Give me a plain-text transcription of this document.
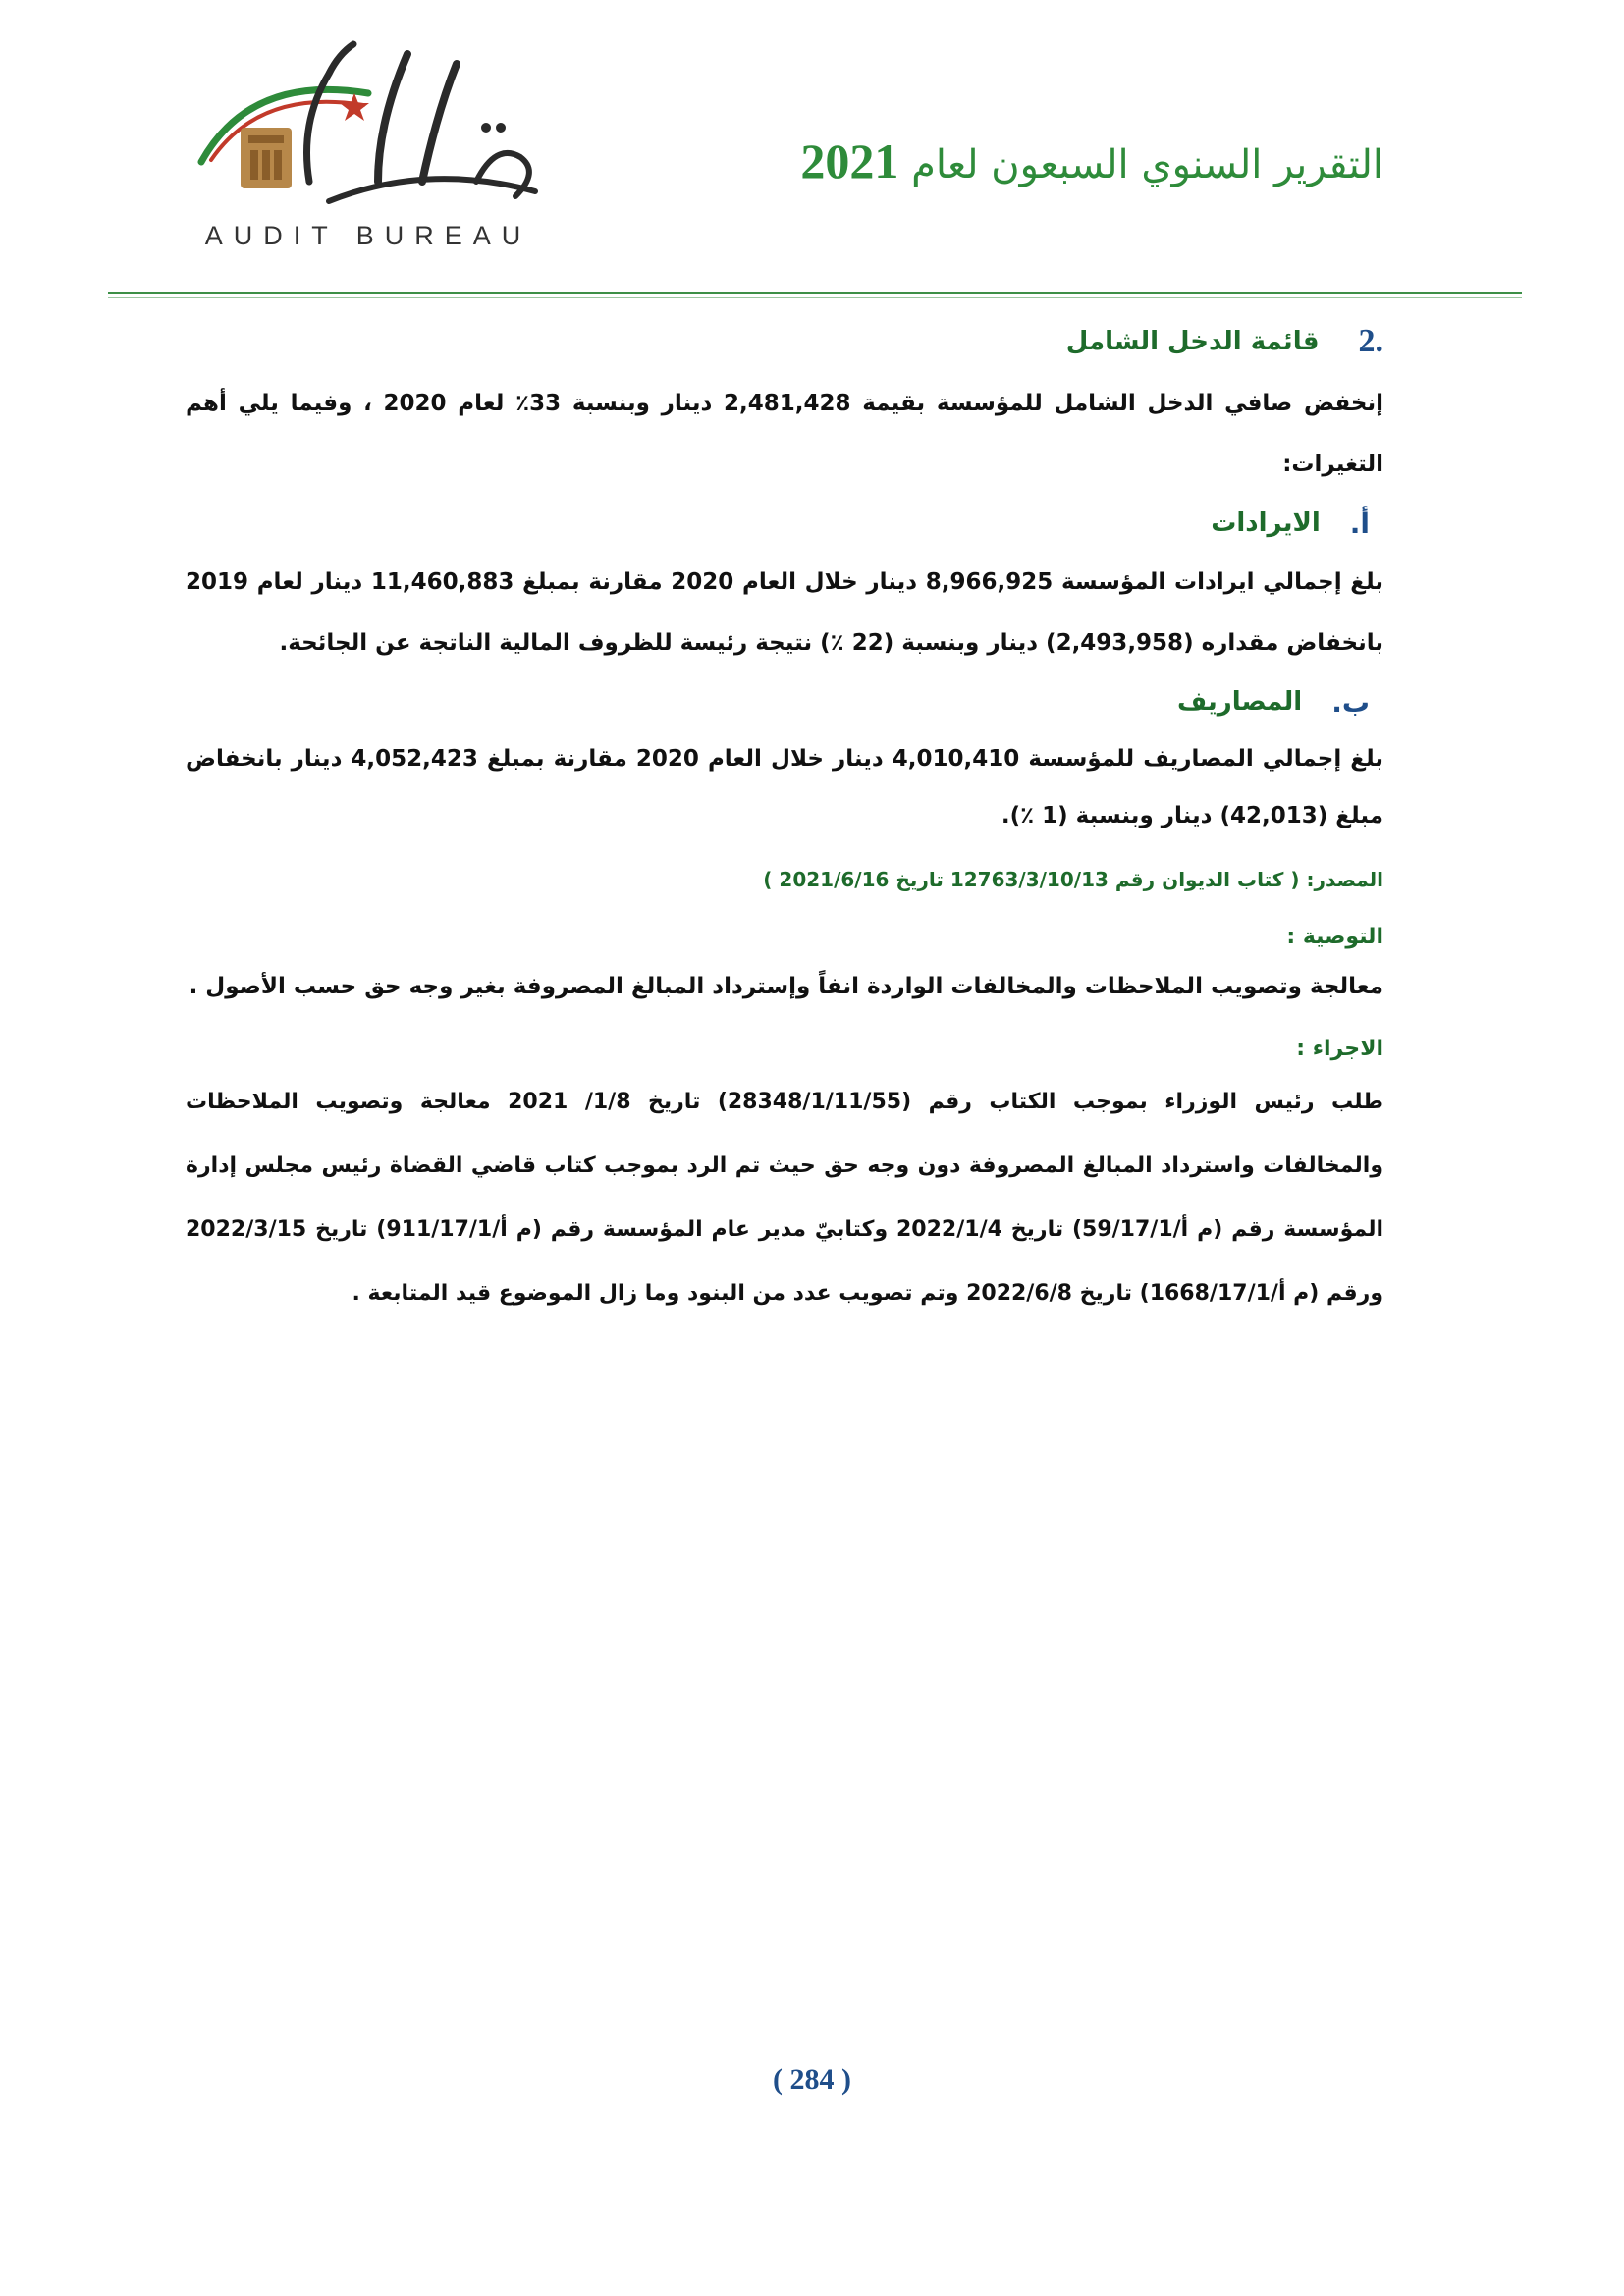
AUDIT BUREAU
التقرير السنوي السبعون لعام 2021
2.
قائمة الدخل الشامل

إنخفض صافي الدخل الشامل للمؤسسة بقيمة 2,481,428 دينار وبنسبة 33٪ لعام 2020 ، وفيما يلي أهم التغيرات:

أ.
الايرادات

بلغ إجمالي ايرادات المؤسسة 8,966,925 دينار خلال العام 2020 مقارنة بمبلغ 11,460,883 دينار لعام 2019 بانخفاض مقداره (2,493,958) دينار وبنسبة (22 ٪) نتيجة رئيسة للظروف المالية الناتجة عن الجائحة.

ب.
المصاريف

بلغ إجمالي المصاريف للمؤسسة 4,010,410 دينار خلال العام 2020 مقارنة بمبلغ 4,052,423 دينار بانخفاض مبلغ (42,013) دينار وبنسبة (1 ٪).

المصدر: ( كتاب الديوان رقم 12763/3/10/13 تاريخ 2021/6/16 )

التوصية :

معالجة وتصويب الملاحظات والمخالفات الواردة انفاً وإسترداد المبالغ المصروفة بغير وجه حق حسب الأصول .

الاجراء :

طلب رئيس الوزراء بموجب الكتاب رقم (28348/1/11/55) تاريخ 1/8/ 2021 معالجة وتصويب الملاحظات والمخالفات واسترداد المبالغ المصروفة دون وجه حق حيث تم الرد بموجب كتاب قاضي القضاة رئيس مجلس إدارة المؤسسة رقم (م أ/59/17/1) تاريخ 2022/1/4 وكتابيّ مدير عام المؤسسة رقم (م أ/911/17/1) تاريخ 2022/3/15 ورقم (م أ/1668/17/1) تاريخ 2022/6/8 وتم تصويب عدد من البنود وما زال الموضوع قيد المتابعة .

( 284 )
